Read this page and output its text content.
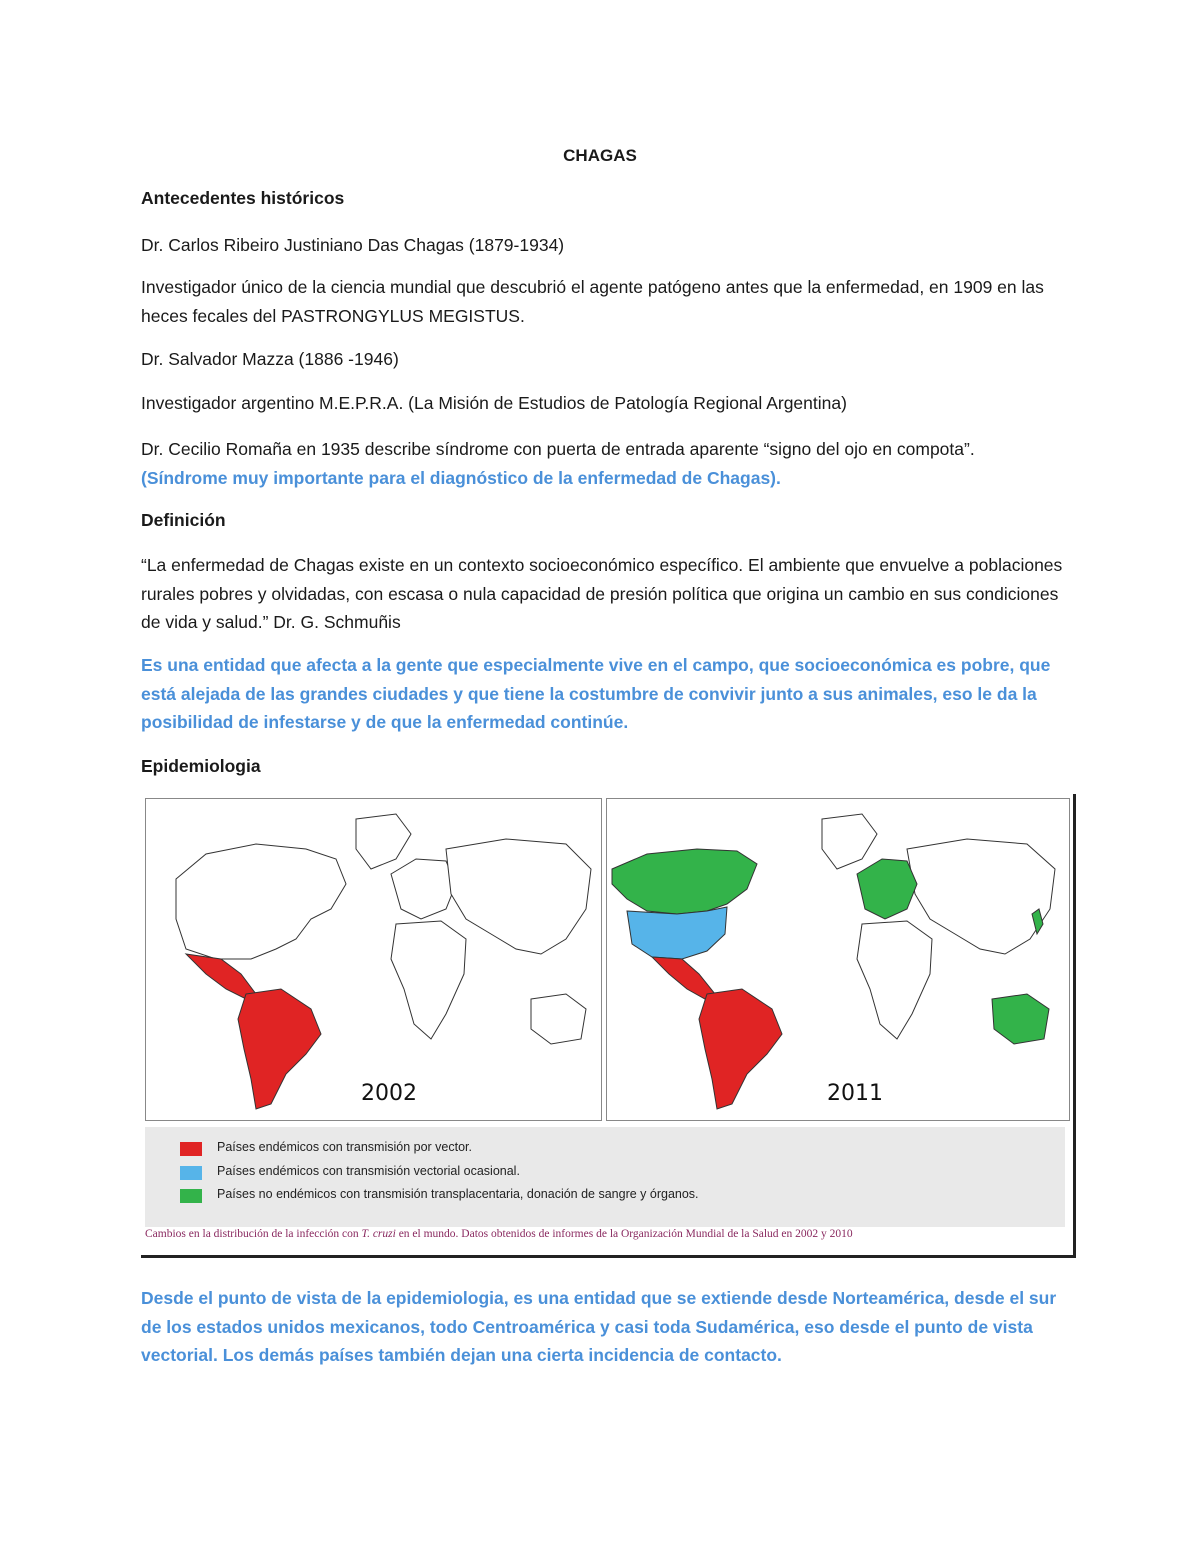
CHAGAS
Antecedentes históricos
Dr. Carlos Ribeiro Justiniano Das Chagas (1879-1934)
Investigador único de la ciencia mundial que descubrió el agente patógeno antes que la enfermedad, en 1909 en las heces fecales del PASTRONGYLUS MEGISTUS.
Dr. Salvador Mazza (1886 -1946)
Investigador argentino M.E.P.R.A. (La Misión de Estudios de Patología Regional Argentina)
Dr. Cecilio Romaña en 1935 describe síndrome con puerta de entrada aparente “signo del ojo en compota”. (Síndrome muy importante para el diagnóstico de la enfermedad de Chagas).
Definición
“La enfermedad de Chagas existe en un contexto socioeconómico específico. El ambiente que envuelve a poblaciones rurales pobres y olvidadas, con escasa o nula capacidad de presión política que origina un cambio en sus condiciones de vida y salud.” Dr. G. Schmuñis
Es una entidad que afecta a la gente que especialmente vive en el campo, que socioeconómica es pobre, que está alejada de las grandes ciudades y que tiene la costumbre de convivir junto a sus animales, eso le da la posibilidad de infestarse y de que la enfermedad continúe.
Epidemiologia
2002	2011
Países endémicos con transmisión por vector.
Países endémicos con transmisión vectorial ocasional.
Países no endémicos con transmisión transplacentaria, donación de sangre y órganos.
Cambios en la distribución de la infección con T. cruzi en el mundo. Datos obtenidos de informes de la Organización Mundial de la Salud en 2002 y 2010
Desde el punto de vista de la epidemiologia, es una entidad que se extiende desde Norteamérica, desde el sur de los estados unidos mexicanos, todo Centroamérica y casi toda Sudamérica, eso desde el punto de vista vectorial. Los demás países también dejan una cierta incidencia de contacto.
